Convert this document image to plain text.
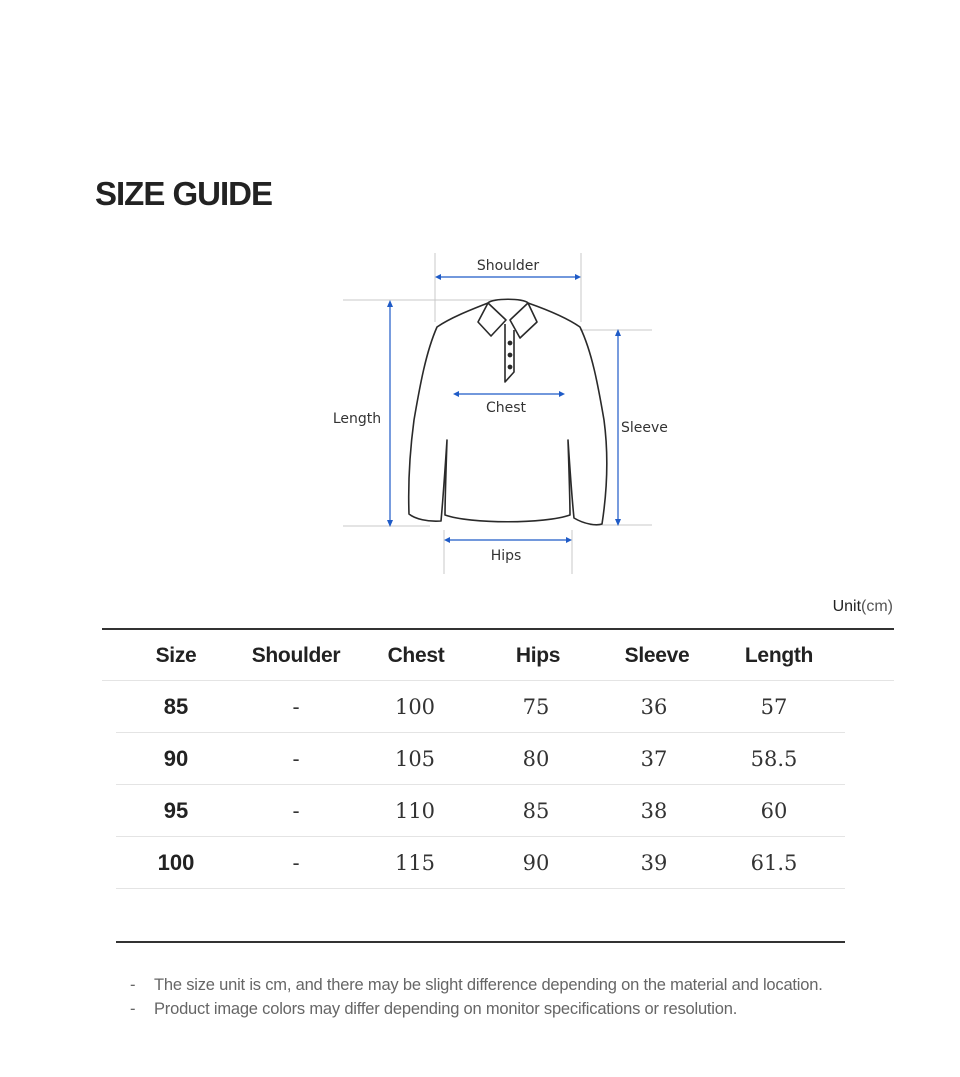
SIZE GUIDE
Shoulder
Chest
Length
Sleeve
Hips
Unit(cm)
Size	Shoulder	Chest	Hips	Sleeve	Length
85	-	100	75	36	57
90	-	105	80	37	58.5
95	-	110	85	38	60
100	-	115	90	39	61.5
- The size unit is cm, and there may be slight difference depending on the material and location.
- Product image colors may differ depending on monitor specifications or resolution.
